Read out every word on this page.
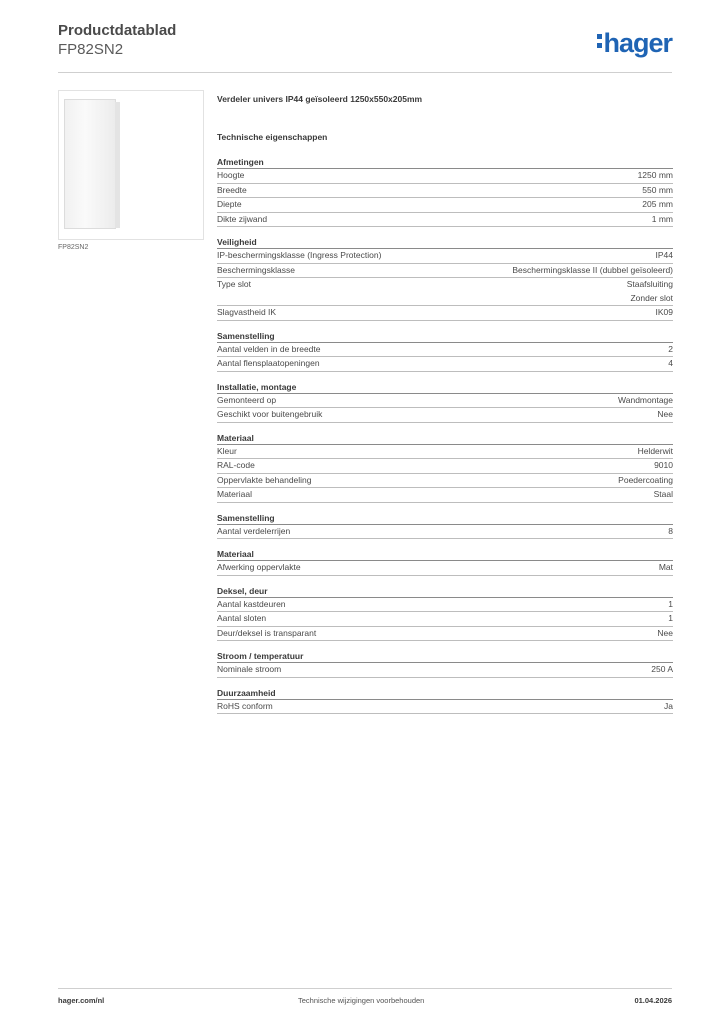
Productdatablad
FP82SN2	hager
FP82SN2
Verdeler univers IP44 geïsoleerd 1250x550x205mm
Technische eigenschappen
Afmetingen
Hoogte	1250 mm
Breedte	550 mm
Diepte	205 mm
Dikte zijwand	1 mm
Veiligheid
IP-beschermingsklasse (Ingress Protection)	IP44
Beschermingsklasse	Beschermingsklasse II (dubbel geïsoleerd)
Type slot	Staafsluiting
Zonder slot
Slagvastheid IK	IK09
Samenstelling
Aantal velden in de breedte	2
Aantal flensplaatopeningen	4
Installatie, montage
Gemonteerd op	Wandmontage
Geschikt voor buitengebruik	Nee
Materiaal
Kleur	Helderwit
RAL-code	9010
Oppervlakte behandeling	Poedercoating
Materiaal	Staal
Samenstelling
Aantal verdelerrijen	8
Materiaal
Afwerking oppervlakte	Mat
Deksel, deur
Aantal kastdeuren	1
Aantal sloten	1
Deur/deksel is transparant	Nee
Stroom / temperatuur
Nominale stroom	250 A
Duurzaamheid
RoHS conform	Ja
hager.com/nl	Technische wijzigingen voorbehouden	01.04.2026
